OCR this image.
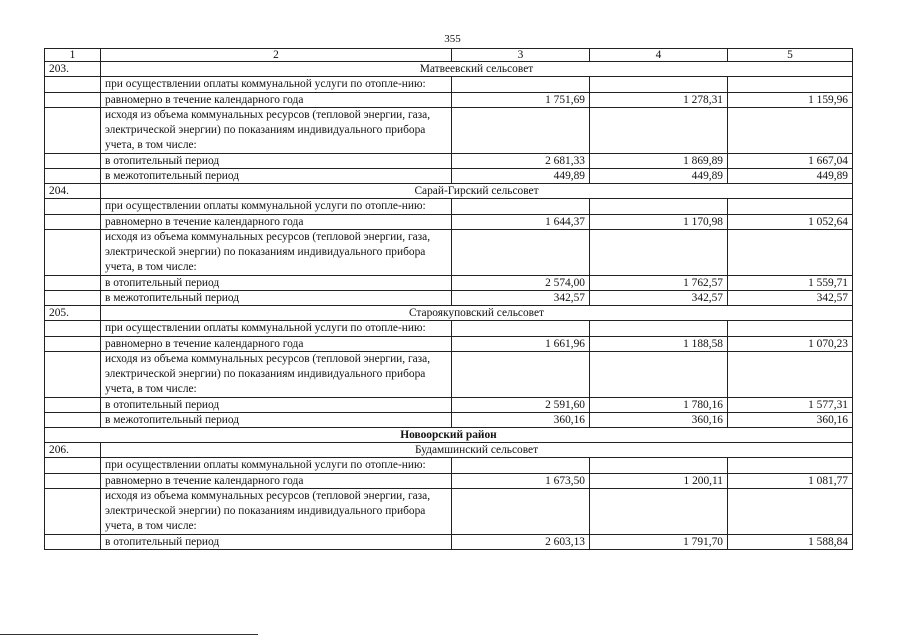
355
1	2	3	4	5
203.	Матвеевский сельсовет			
	при осуществлении оплаты коммунальной услуги по отопле-нию:			
	равномерно в течение календарного года	1 751,69	1 278,31	1 159,96
	исходя из объема коммунальных ресурсов (тепловой энергии, газа, электрической энергии) по показаниям индивидуального прибора учета, в том числе:			
	в отопительный период	2 681,33	1 869,89	1 667,04
	в межотопительный период	449,89	449,89	449,89
204.	Сарай-Гирский сельсовет			
	при осуществлении оплаты коммунальной услуги по отопле-нию:			
	равномерно в течение календарного года	1 644,37	1 170,98	1 052,64
	исходя из объема коммунальных ресурсов (тепловой энергии, газа, электрической энергии) по показаниям индивидуального прибора учета, в том числе:			
	в отопительный период	2 574,00	1 762,57	1 559,71
	в межотопительный период	342,57	342,57	342,57
205.	Староякуповский сельсовет			
	при осуществлении оплаты коммунальной услуги по отопле-нию:			
	равномерно в течение календарного года	1 661,96	1 188,58	1 070,23
	исходя из объема коммунальных ресурсов (тепловой энергии, газа, электрической энергии) по показаниям индивидуального прибора учета, в том числе:			
	в отопительный период	2 591,60	1 780,16	1 577,31
	в межотопительный период	360,16	360,16	360,16
Новоорский район				
206.	Будамшинский сельсовет			
	при осуществлении оплаты коммунальной услуги по отопле-нию:			
	равномерно в течение календарного года	1 673,50	1 200,11	1 081,77
	исходя из объема коммунальных ресурсов (тепловой энергии, газа, электрической энергии) по показаниям индивидуального прибора учета, в том числе:			
	в отопительный период	2 603,13	1 791,70	1 588,84
